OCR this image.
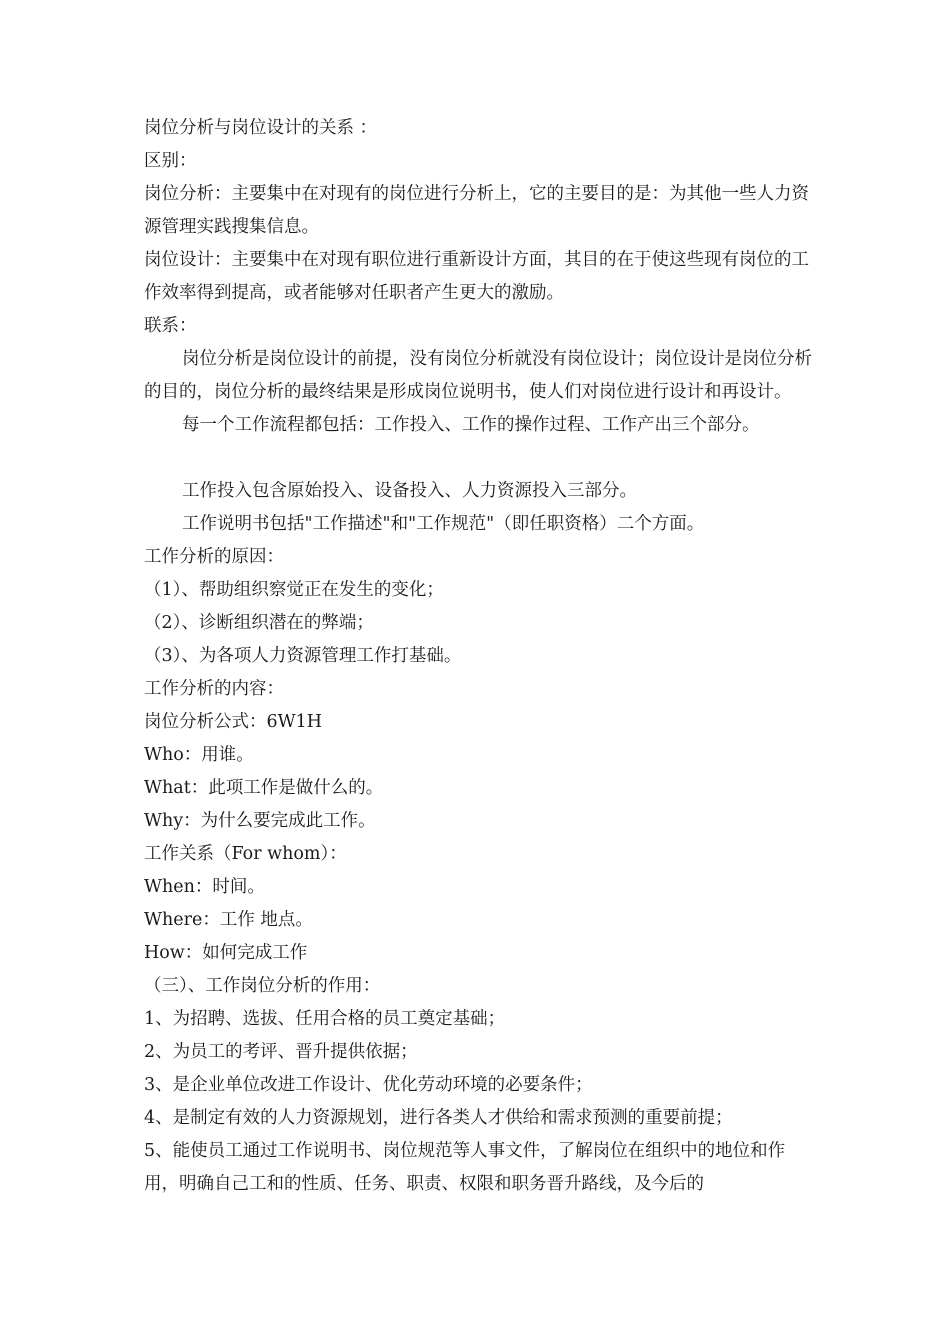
岗位分析与岗位设计的关系 ：

区别：

岗位分析：主要集中在对现有的岗位进行分析上，它的主要目的是：为其他一些人力资源管理实践搜集信息。

岗位设计：主要集中在对现有职位进行重新设计方面，其目的在于使这些现有岗位的工作效率得到提高，或者能够对任职者产生更大的激励。

联系：

岗位分析是岗位设计的前提，没有岗位分析就没有岗位设计；岗位设计是岗位分析的目的，岗位分析的最终结果是形成岗位说明书，使人们对岗位进行设计和再设计。

每一个工作流程都包括：工作投入、工作的操作过程、工作产出三个部分。

工作投入包含原始投入、设备投入、人力资源投入三部分。

工作说明书包括"工作描述"和"工作规范"（即任职资格）二个方面。

工作分析的原因：

（1）、帮助组织察觉正在发生的变化；

（2）、诊断组织潜在的弊端；

（3）、为各项人力资源管理工作打基础。

工作分析的内容：

岗位分析公式：6W1H

Who：用谁。

What：此项工作是做什么的。

Why：为什么要完成此工作。

工作关系（For whom）：

When：时间。

Where：工作 地点。

How：如何完成工作

（三）、工作岗位分析的作用：

1、为招聘、选拔、任用合格的员工奠定基础；

2、为员工的考评、晋升提供依据；

3、是企业单位改进工作设计、优化劳动环境的必要条件；

4、是制定有效的人力资源规划，进行各类人才供给和需求预测的重要前提；

5、能使员工通过工作说明书、岗位规范等人事文件，了解岗位在组织中的地位和作用，明确自己工和的性质、任务、职责、权限和职务晋升路线，及今后的
